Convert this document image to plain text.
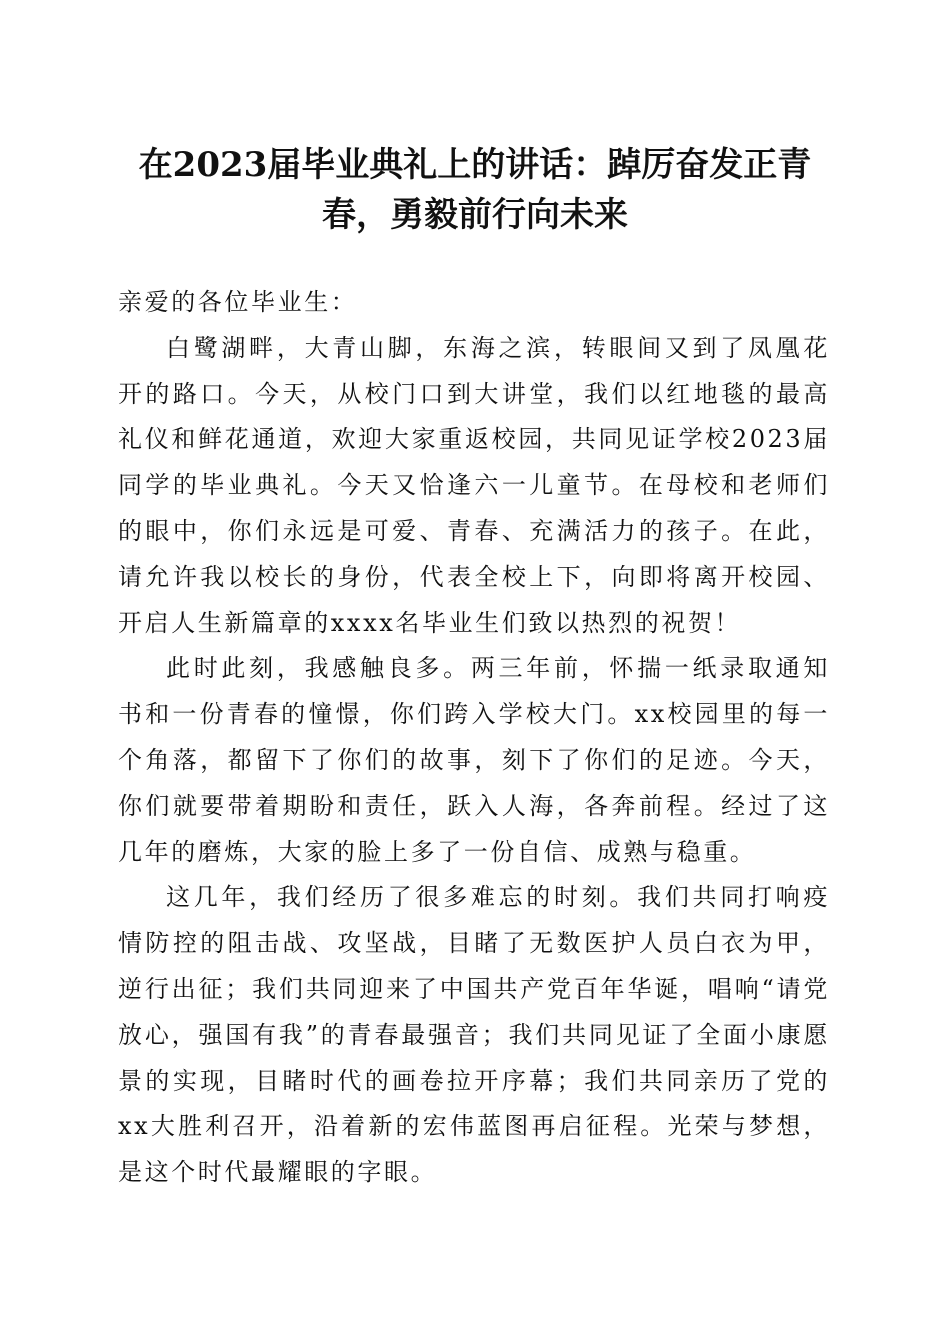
在2023届毕业典礼上的讲话：踔厉奋发正青春，勇毅前行向未来

亲爱的各位毕业生：

白鹭湖畔，大青山脚，东海之滨，转眼间又到了凤凰花开的路口。今天，从校门口到大讲堂，我们以红地毯的最高礼仪和鲜花通道，欢迎大家重返校园，共同见证学校2023届同学的毕业典礼。今天又恰逢六一儿童节。在母校和老师们的眼中，你们永远是可爱、青春、充满活力的孩子。在此，请允许我以校长的身份，代表全校上下，向即将离开校园、开启人生新篇章的xxxx名毕业生们致以热烈的祝贺！

此时此刻，我感触良多。两三年前，怀揣一纸录取通知书和一份青春的憧憬，你们跨入学校大门。xx校园里的每一个角落，都留下了你们的故事，刻下了你们的足迹。今天，你们就要带着期盼和责任，跃入人海，各奔前程。经过了这几年的磨炼，大家的脸上多了一份自信、成熟与稳重。

这几年，我们经历了很多难忘的时刻。我们共同打响疫情防控的阻击战、攻坚战，目睹了无数医护人员白衣为甲，逆行出征；我们共同迎来了中国共产党百年华诞，唱响“请党放心，强国有我”的青春最强音；我们共同见证了全面小康愿景的实现，目睹时代的画卷拉开序幕；我们共同亲历了党的xx大胜利召开，沿着新的宏伟蓝图再启征程。光荣与梦想，是这个时代最耀眼的字眼。
